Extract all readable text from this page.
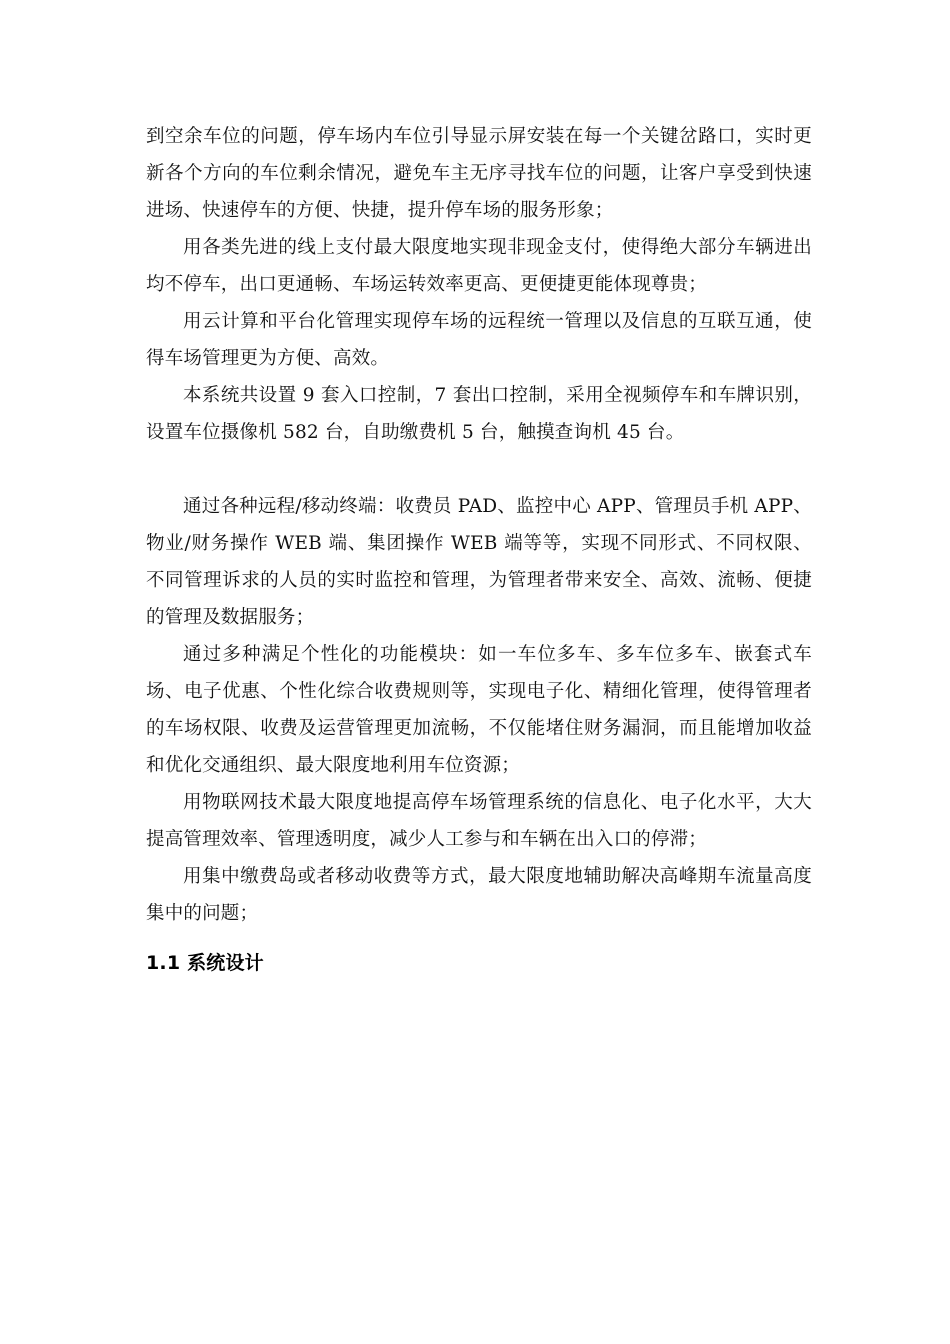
到空余车位的问题，停车场内车位引导显示屏安装在每一个关键岔路口，实时更新各个方向的车位剩余情况，避免车主无序寻找车位的问题，让客户享受到快速进场、快速停车的方便、快捷，提升停车场的服务形象；

用各类先进的线上支付最大限度地实现非现金支付，使得绝大部分车辆进出均不停车，出口更通畅、车场运转效率更高、更便捷更能体现尊贵；

用云计算和平台化管理实现停车场的远程统一管理以及信息的互联互通，使得车场管理更为方便、高效。

本系统共设置 9 套入口控制，7 套出口控制，采用全视频停车和车牌识别，设置车位摄像机 582 台，自助缴费机 5 台，触摸查询机 45 台。

通过各种远程/移动终端：收费员 PAD、监控中心 APP、管理员手机 APP、物业/财务操作 WEB 端、集团操作 WEB 端等等，实现不同形式、不同权限、不同管理诉求的人员的实时监控和管理，为管理者带来安全、高效、流畅、便捷的管理及数据服务；

通过多种满足个性化的功能模块：如一车位多车、多车位多车、嵌套式车场、电子优惠、个性化综合收费规则等，实现电子化、精细化管理，使得管理者的车场权限、收费及运营管理更加流畅，不仅能堵住财务漏洞，而且能增加收益和优化交通组织、最大限度地利用车位资源；

用物联网技术最大限度地提高停车场管理系统的信息化、电子化水平，大大提高管理效率、管理透明度，减少人工参与和车辆在出入口的停滞；

用集中缴费岛或者移动收费等方式，最大限度地辅助解决高峰期车流量高度集中的问题；

1.1 系统设计
